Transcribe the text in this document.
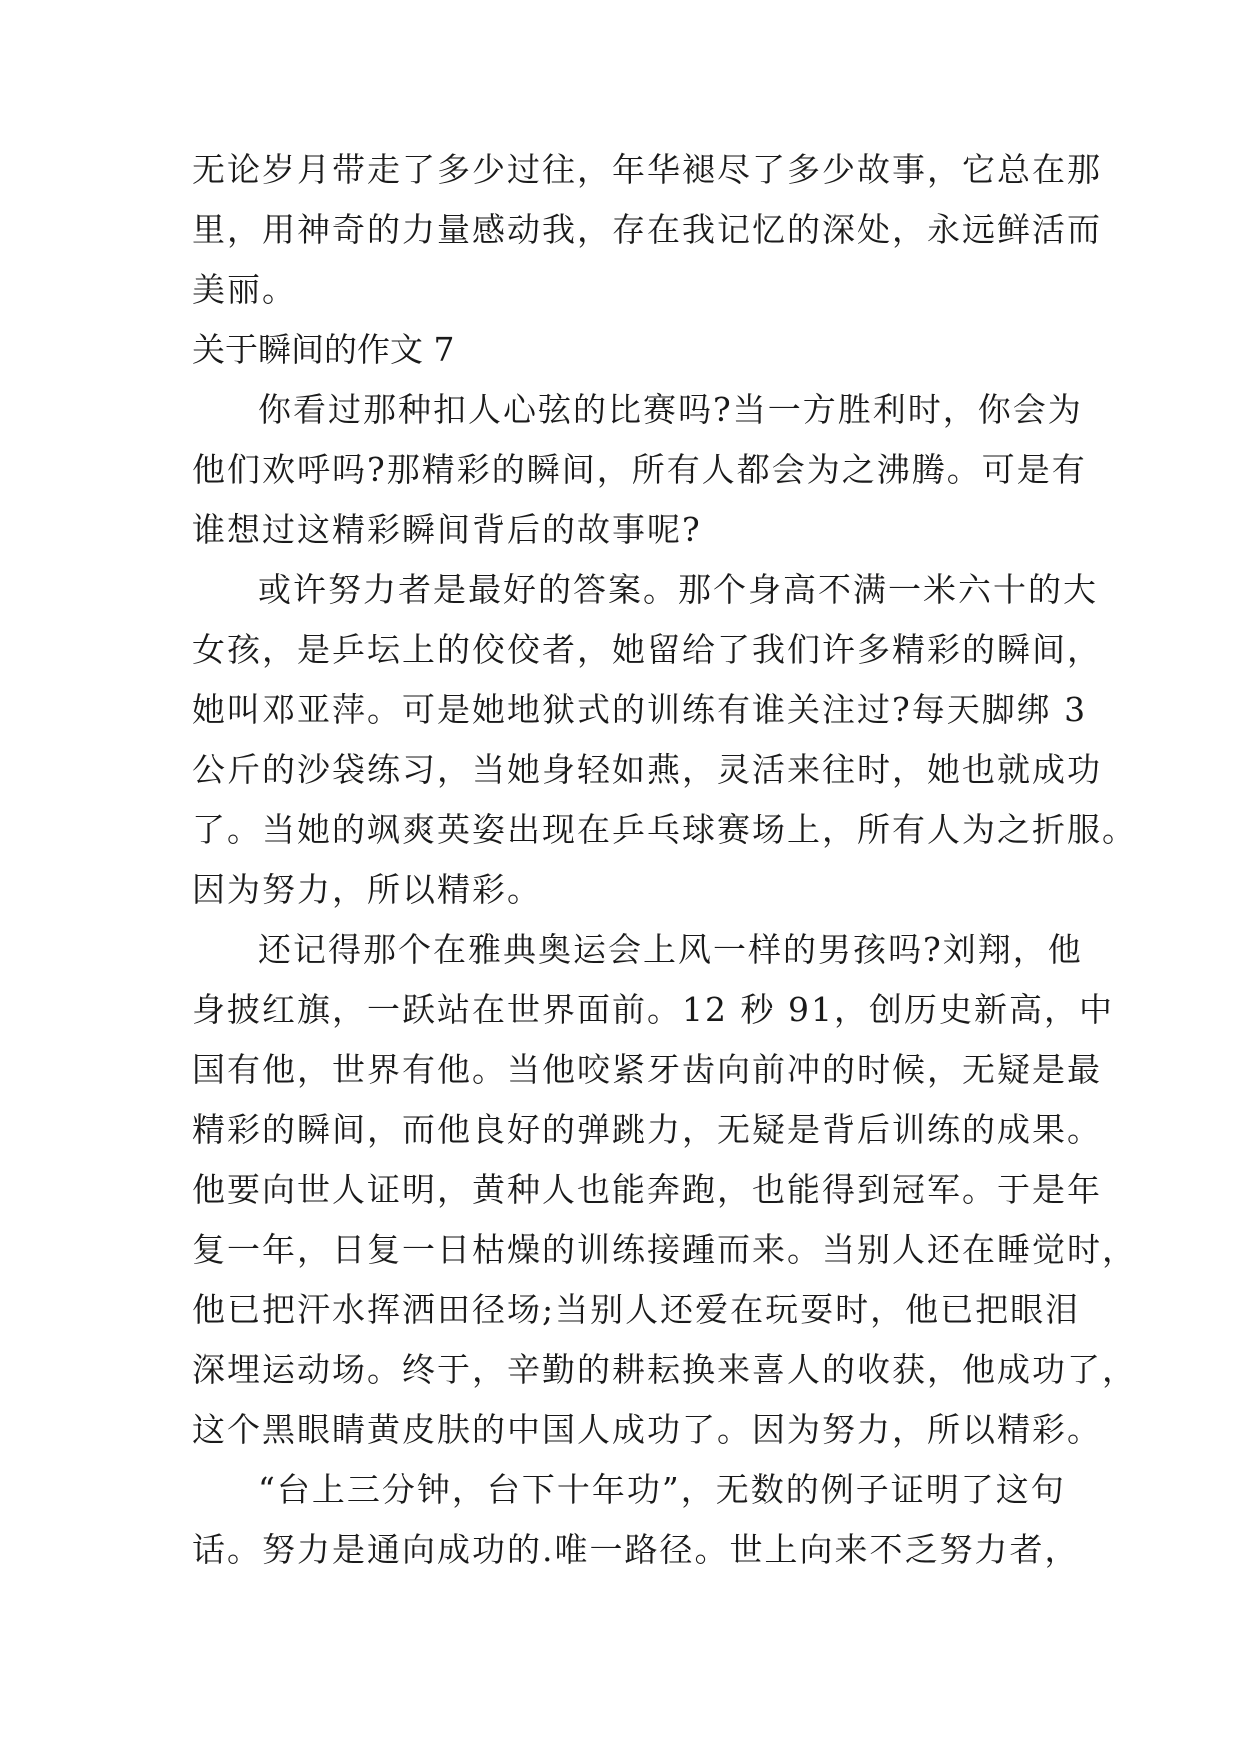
无论岁月带走了多少过往，年华褪尽了多少故事，它总在那
里，用神奇的力量感动我，存在我记忆的深处，永远鲜活而
美丽。
关于瞬间的作文 7
你看过那种扣人心弦的比赛吗?当一方胜利时，你会为
他们欢呼吗?那精彩的瞬间，所有人都会为之沸腾。可是有
谁想过这精彩瞬间背后的故事呢?
或许努力者是最好的答案。那个身高不满一米六十的大
女孩，是乒坛上的佼佼者，她留给了我们许多精彩的瞬间，
她叫邓亚萍。可是她地狱式的训练有谁关注过?每天脚绑 3
公斤的沙袋练习，当她身轻如燕，灵活来往时，她也就成功
了。当她的飒爽英姿出现在乒乓球赛场上，所有人为之折服。
因为努力，所以精彩。
还记得那个在雅典奥运会上风一样的男孩吗?刘翔，他
身披红旗，一跃站在世界面前。12 秒 91，创历史新高，中
国有他，世界有他。当他咬紧牙齿向前冲的时候，无疑是最
精彩的瞬间，而他良好的弹跳力，无疑是背后训练的成果。
他要向世人证明，黄种人也能奔跑，也能得到冠军。于是年
复一年，日复一日枯燥的训练接踵而来。当别人还在睡觉时，
他已把汗水挥洒田径场;当别人还爱在玩耍时，他已把眼泪
深埋运动场。终于，辛勤的耕耘换来喜人的收获，他成功了，
这个黑眼睛黄皮肤的中国人成功了。因为努力，所以精彩。
“台上三分钟，台下十年功”，无数的例子证明了这句
话。努力是通向成功的.唯一路径。世上向来不乏努力者，
